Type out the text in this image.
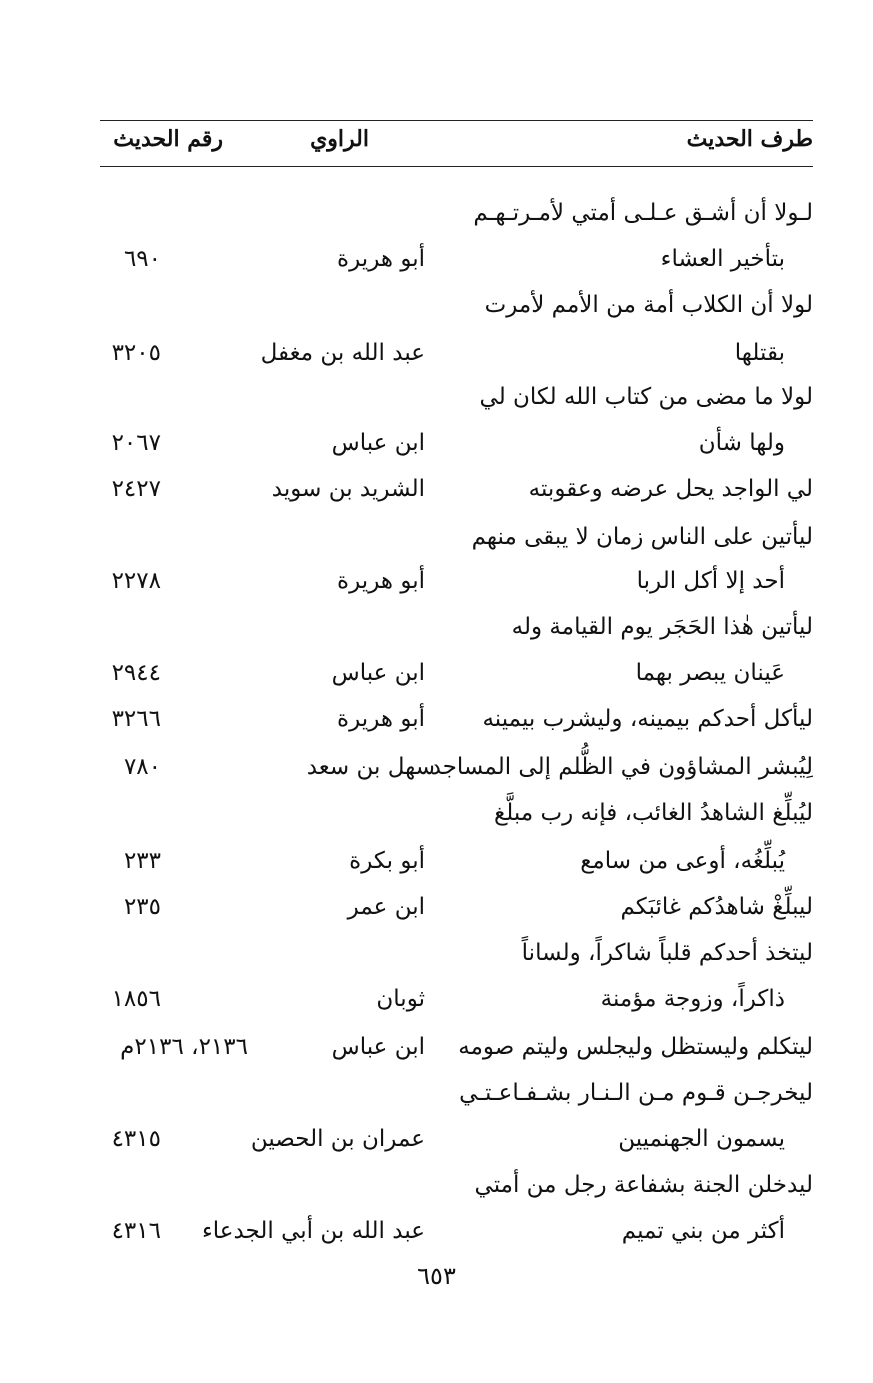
طرف الحديث
الراوي
رقم الحديث
لـولا أن أشـق عـلـى أمتي لأمـرتـهـم
بتأخير العشاء
أبو هريرة
٦٩٠
لولا أن الكلاب أمة من الأمم لأمرت
بقتلها
عبد الله بن مغفل
٣٢٠٥
لولا ما مضى من كتاب الله لكان لي
ولها شأن
ابن عباس
٢٠٦٧
لي الواجد يحل عرضه وعقوبته
الشريد بن سويد
٢٤٢٧
ليأتين على الناس زمان لا يبقى منهم
أحد إلا أكل الربا
أبو هريرة
٢٢٧٨
ليأتين هٰذا الحَجَر يوم القيامة وله
عَينان يبصر بهما
ابن عباس
٢٩٤٤
ليأكل أحدكم بيمينه، وليشرب بيمينه
أبو هريرة
٣٢٦٦
لِيُبشر المشاؤون في الظُّلم إلى المساجد
سهل بن سعد
٧٨٠
ليُبلِّغ الشاهدُ الغائب، فإنه رب مبلَّغ
يُبلِّغُه، أوعى من سامع
أبو بكرة
٢٣٣
ليبلِّغْ شاهدُكم غائبَكم
ابن عمر
٢٣٥
ليتخذ أحدكم قلباً شاكراً، ولساناً
ذاكراً، وزوجة مؤمنة
ثوبان
١٨٥٦
ليتكلم وليستظل وليجلس وليتم صومه
ابن عباس
٢١٣٦، ٢١٣٦م
ليخرجـن قـوم مـن الـنـار بشـفـاعـتـي
يسمون الجهنميين
عمران بن الحصين
٤٣١٥
ليدخلن الجنة بشفاعة رجل من أمتي
أكثر من بني تميم
عبد الله بن أبي الجدعاء
٤٣١٦
٦٥٣
